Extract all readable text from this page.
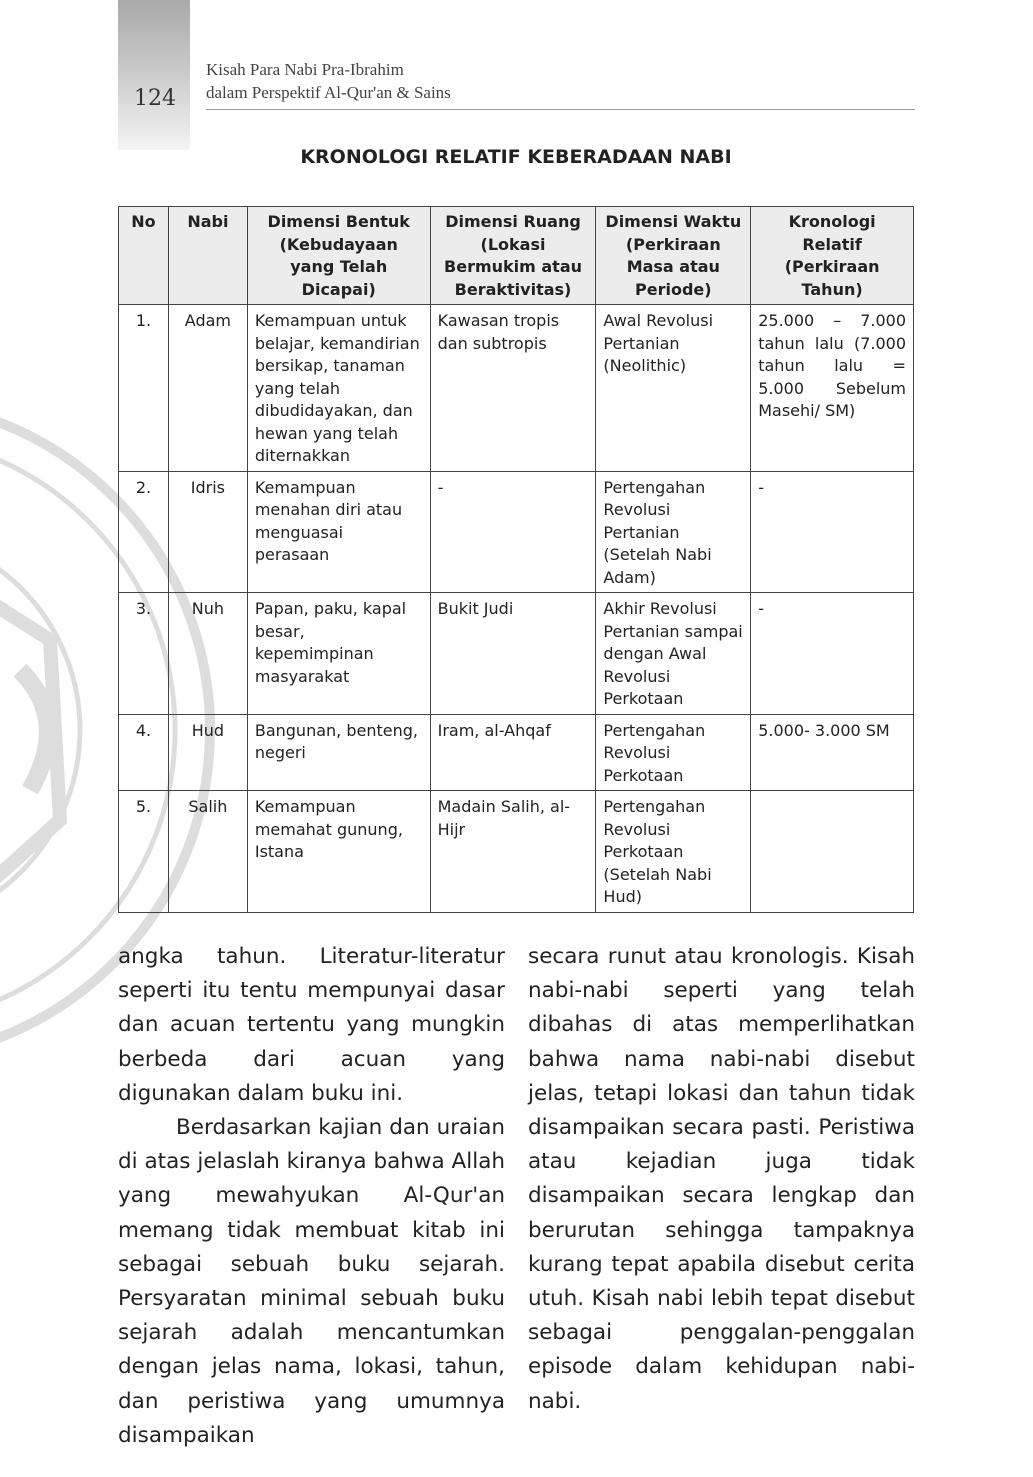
124
Kisah Para Nabi Pra-Ibrahim
dalam Perspektif Al-Qur'an & Sains
KRONOLOGI RELATIF KEBERADAAN NABI
No	Nabi	Dimensi Bentuk (Kebudayaan yang Telah Dicapai)	Dimensi Ruang (Lokasi Bermukim atau Beraktivitas)	Dimensi Waktu (Perkiraan Masa atau Periode)	Kronologi Relatif (Perkiraan Tahun)
1.	Adam	Kemampuan untuk belajar, kemandirian bersikap, tanaman yang telah dibudidayakan, dan hewan yang telah diternakkan	Kawasan tropis dan subtropis	Awal Revolusi Pertanian (Neolithic)	25.000 – 7.000 tahun lalu (7.000 tahun lalu = 5.000 Sebelum Masehi/ SM)
2.	Idris	Kemampuan menahan diri atau menguasai perasaan	-	Pertengahan Revolusi Pertanian (Setelah Nabi Adam)	-
3.	Nuh	Papan, paku, kapal besar, kepemimpinan masyarakat	Bukit Judi	Akhir Revolusi Pertanian sampai dengan Awal Revolusi Perkotaan	-
4.	Hud	Bangunan, benteng, negeri	Iram, al-Ahqaf	Pertengahan Revolusi Perkotaan	5.000- 3.000 SM
5.	Salih	Kemampuan memahat gunung, Istana	Madain Salih, al-Hijr	Pertengahan Revolusi Perkotaan (Setelah Nabi Hud)	

angka tahun. Literatur-literatur seperti itu tentu mempunyai dasar dan acuan tertentu yang mungkin berbeda dari acuan yang digunakan dalam buku ini.

Berdasarkan kajian dan uraian di atas jelaslah kiranya bahwa Allah yang mewahyukan Al-Qur'an memang tidak membuat kitab ini sebagai sebuah buku sejarah. Persyaratan minimal sebuah buku sejarah adalah mencantumkan dengan jelas nama, lokasi, tahun, dan peristiwa yang umumnya disampaikan

secara runut atau kronologis. Kisah nabi-nabi seperti yang telah dibahas di atas memperlihatkan bahwa nama nabi-nabi disebut jelas, tetapi lokasi dan tahun tidak disampaikan secara pasti. Peristiwa atau kejadian juga tidak disampaikan secara lengkap dan berurutan sehingga tampaknya kurang tepat apabila disebut cerita utuh. Kisah nabi lebih tepat disebut sebagai penggalan-penggalan episode dalam kehidupan nabi-nabi.
